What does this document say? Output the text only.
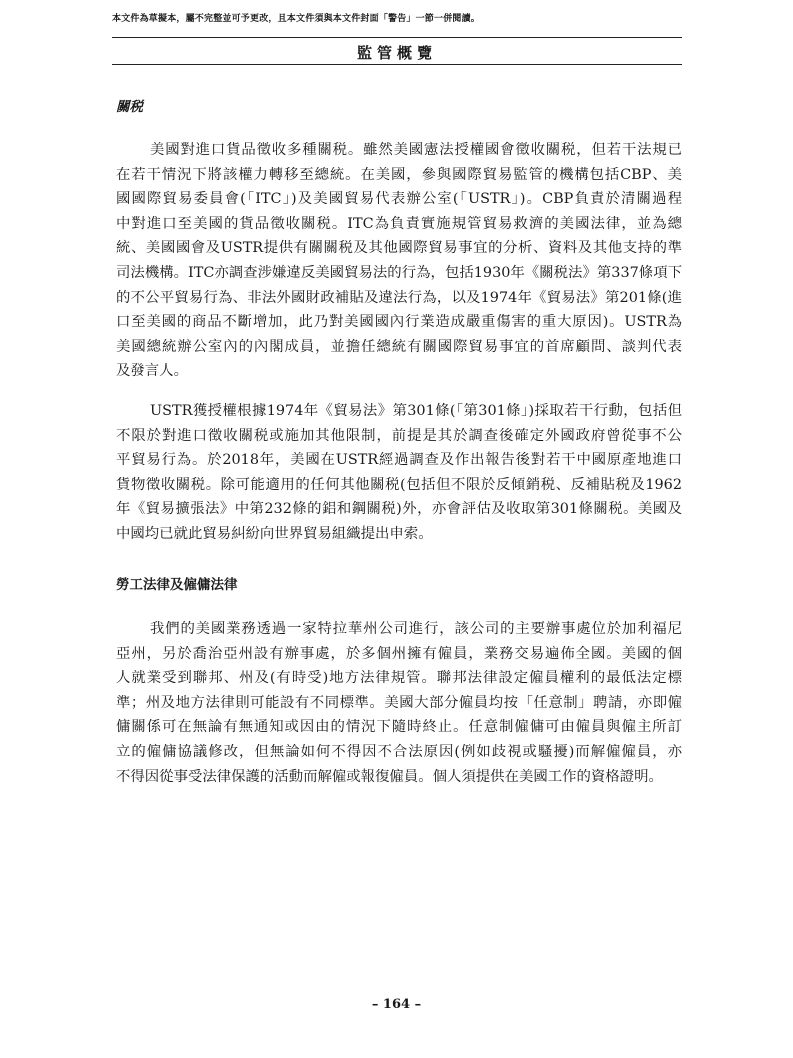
本文件為草擬本，屬不完整並可予更改，且本文件須與本文件封面「警告」一節一併閱讀。
監管概覽
關税
美國對進口貨品徵收多種關税。雖然美國憲法授權國會徵收關税，但若干法規已
在若干情況下將該權力轉移至總統。在美國，參與國際貿易監管的機構包括CBP、美
國國際貿易委員會(「ITC」)及美國貿易代表辦公室(「USTR」)。CBP負責於清關過程
中對進口至美國的貨品徵收關税。ITC為負責實施規管貿易救濟的美國法律，並為總
統、美國國會及USTR提供有關關税及其他國際貿易事宜的分析、資料及其他支持的準
司法機構。ITC亦調查涉嫌違反美國貿易法的行為，包括1930年《關税法》第337條項下
的不公平貿易行為、非法外國財政補貼及違法行為，以及1974年《貿易法》第201條(進
口至美國的商品不斷增加，此乃對美國國內行業造成嚴重傷害的重大原因)。USTR為
美國總統辦公室內的內閣成員，並擔任總統有關國際貿易事宜的首席顧問、談判代表
及發言人。
USTR獲授權根據1974年《貿易法》第301條(「第301條」)採取若干行動，包括但
不限於對進口徵收關税或施加其他限制，前提是其於調查後確定外國政府曾從事不公
平貿易行為。於2018年，美國在USTR經過調查及作出報告後對若干中國原產地進口
貨物徵收關税。除可能適用的任何其他關税(包括但不限於反傾銷税、反補貼税及1962
年《貿易擴張法》中第232條的鋁和鋼關税)外，亦會評估及收取第301條關税。美國及
中國均已就此貿易糾紛向世界貿易組織提出申索。
勞工法律及僱傭法律
我們的美國業務透過一家特拉華州公司進行，該公司的主要辦事處位於加利福尼
亞州，另於喬治亞州設有辦事處，於多個州擁有僱員，業務交易遍佈全國。美國的個
人就業受到聯邦、州及(有時受)地方法律規管。聯邦法律設定僱員權利的最低法定標
準；州及地方法律則可能設有不同標準。美國大部分僱員均按「任意制」聘請，亦即僱
傭關係可在無論有無通知或因由的情況下隨時終止。任意制僱傭可由僱員與僱主所訂
立的僱傭協議修改，但無論如何不得因不合法原因(例如歧視或騷擾)而解僱僱員，亦
不得因從事受法律保護的活動而解僱或報復僱員。個人須提供在美國工作的資格證明。
– 164 –
